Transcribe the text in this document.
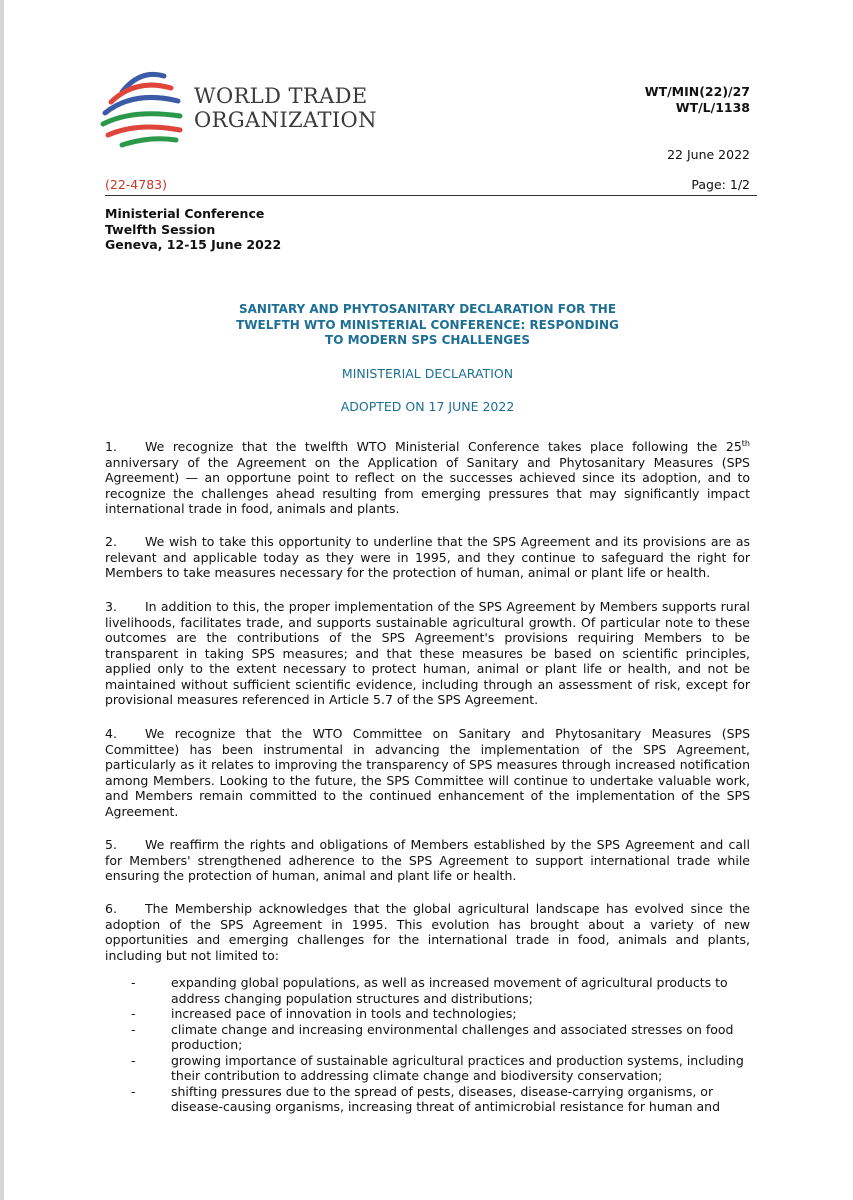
WORLD TRADE
ORGANIZATION
WT/MIN(22)/27
WT/L/1138
22 June 2022
(22-4783)	Page: 1/2
Ministerial Conference
Twelfth Session
Geneva, 12-15 June 2022
SANITARY AND PHYTOSANITARY DECLARATION FOR THE
TWELFTH WTO MINISTERIAL CONFERENCE: RESPONDING
TO MODERN SPS CHALLENGES
MINISTERIAL DECLARATION
ADOPTED ON 17 JUNE 2022

1. We recognize that the twelfth WTO Ministerial Conference takes place following the 25th anniversary of the Agreement on the Application of Sanitary and Phytosanitary Measures (SPS Agreement) — an opportune point to reflect on the successes achieved since its adoption, and to recognize the challenges ahead resulting from emerging pressures that may significantly impact international trade in food, animals and plants.

2. We wish to take this opportunity to underline that the SPS Agreement and its provisions are as relevant and applicable today as they were in 1995, and they continue to safeguard the right for Members to take measures necessary for the protection of human, animal or plant life or health.

3. In addition to this, the proper implementation of the SPS Agreement by Members supports rural livelihoods, facilitates trade, and supports sustainable agricultural growth. Of particular note to these outcomes are the contributions of the SPS Agreement's provisions requiring Members to be transparent in taking SPS measures; and that these measures be based on scientific principles, applied only to the extent necessary to protect human, animal or plant life or health, and not be maintained without sufficient scientific evidence, including through an assessment of risk, except for provisional measures referenced in Article 5.7 of the SPS Agreement.

4. We recognize that the WTO Committee on Sanitary and Phytosanitary Measures (SPS Committee) has been instrumental in advancing the implementation of the SPS Agreement, particularly as it relates to improving the transparency of SPS measures through increased notification among Members. Looking to the future, the SPS Committee will continue to undertake valuable work, and Members remain committed to the continued enhancement of the implementation of the SPS Agreement.

5. We reaffirm the rights and obligations of Members established by the SPS Agreement and call for Members' strengthened adherence to the SPS Agreement to support international trade while ensuring the protection of human, animal and plant life or health.

6. The Membership acknowledges that the global agricultural landscape has evolved since the adoption of the SPS Agreement in 1995. This evolution has brought about a variety of new opportunities and emerging challenges for the international trade in food, animals and plants, including but not limited to:

-	expanding global populations, as well as increased movement of agricultural products to address changing population structures and distributions;
-	increased pace of innovation in tools and technologies;
-	climate change and increasing environmental challenges and associated stresses on food production;
-	growing importance of sustainable agricultural practices and production systems, including their contribution to addressing climate change and biodiversity conservation;
-	shifting pressures due to the spread of pests, diseases, disease-carrying organisms, or disease-causing organisms, increasing threat of antimicrobial resistance for human and
